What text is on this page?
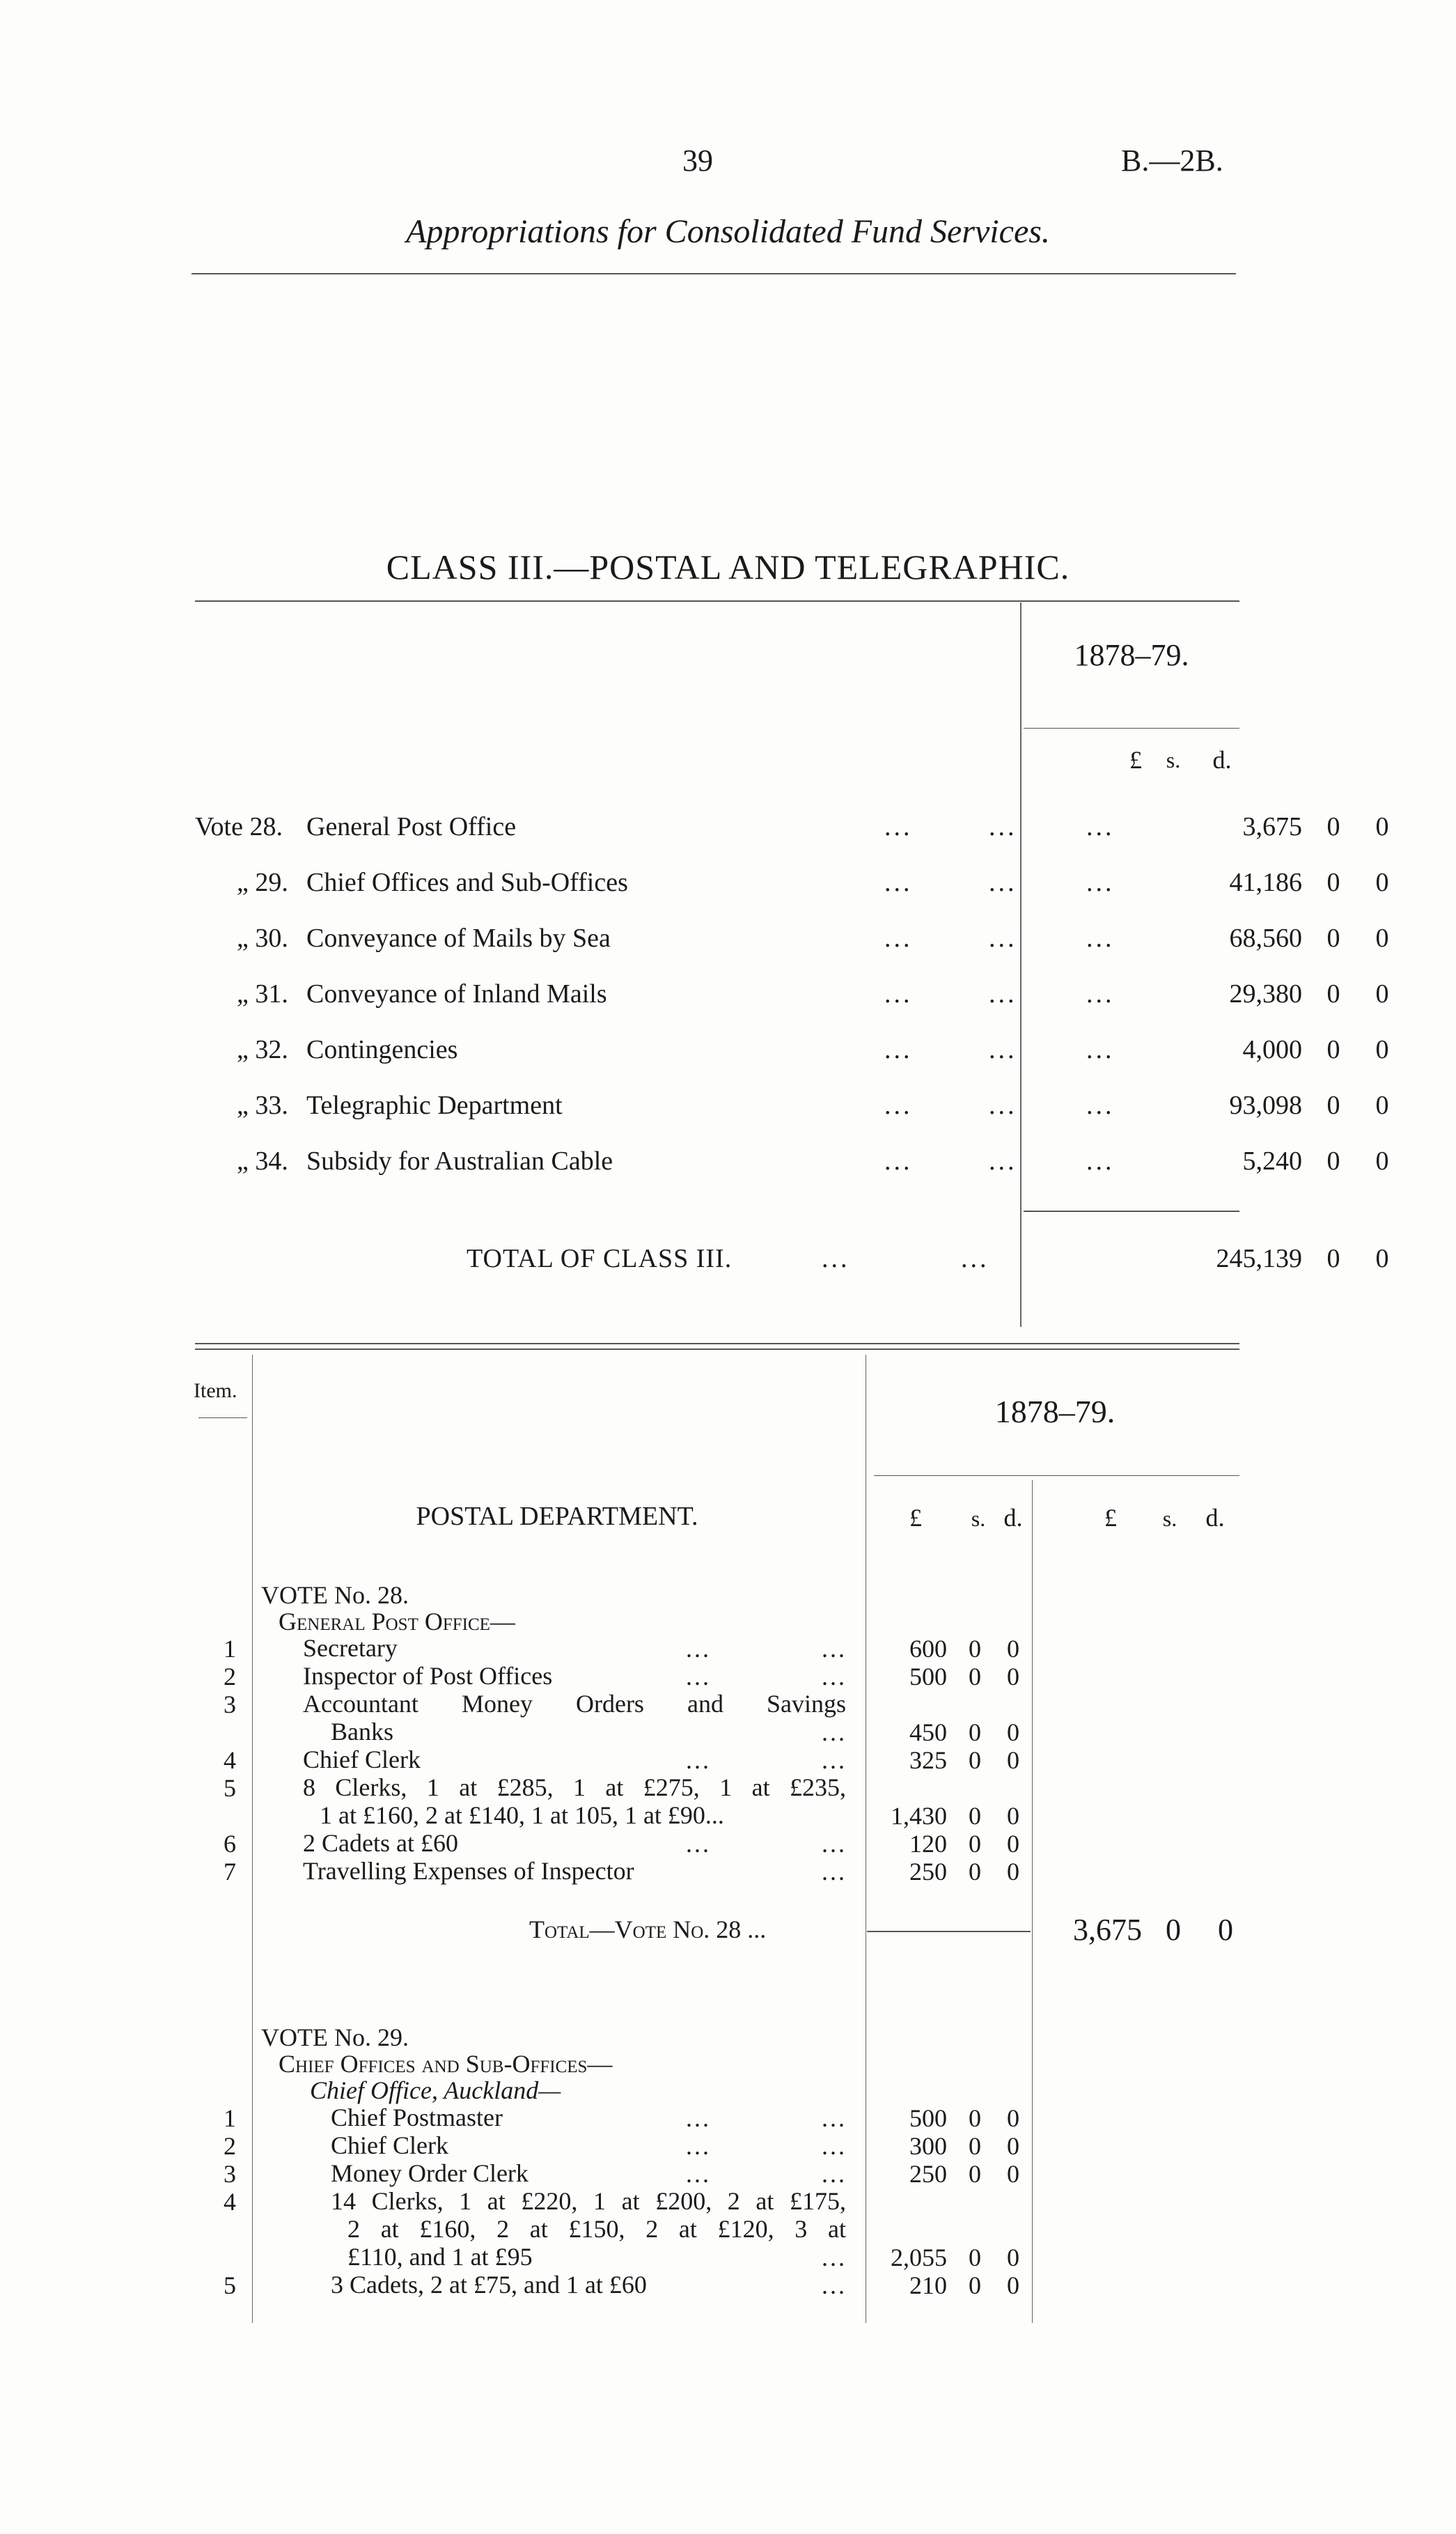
39	B.—2B.
Appropriations for Consolidated Fund Services.
CLASS III.—POSTAL AND TELEGRAPHIC.
1878–79.
£	s. d.
Vote 28. General Post Office	...	...	...	3,675 0 0
„ 29. Chief Offices and Sub-Offices	...	...	...	41,186 0 0
„ 30. Conveyance of Mails by Sea	...	...	...	68,560 0 0
„ 31. Conveyance of Inland Mails	...	...	...	29,380 0 0
„ 32. Contingencies	...	...	...	4,000 0 0
„ 33. Telegraphic Department	...	...	...	93,098 0 0
„ 34. Subsidy for Australian Cable	...	...	...	5,240 0 0
TOTAL OF CLASS III.	...	...	245,139 0 0
Item.
1878–79.
POSTAL DEPARTMENT.	£	s. d.	£	s. d.
VOTE No. 28.
General Post Office—
1	Secretary	...	...	600 0 0
2	Inspector of Post Offices	...	...	500 0 0
3	Accountant Money Orders and Savings
Banks	...	450 0 0
4	Chief Clerk	...	...	325 0 0
5	8 Clerks, 1 at £285, 1 at £275, 1 at £235,
1 at £160, 2 at £140, 1 at 105, 1 at £90...	1,430 0 0
6	2 Cadets at £60	...	...	120 0 0
7	Travelling Expenses of Inspector	...	250 0 0
Total—Vote No. 28 ...	3,675 0 0
VOTE No. 29.
Chief Offices and Sub-Offices—
Chief Office, Auckland—
1	Chief Postmaster	...	...	500 0 0
2	Chief Clerk	...	...	300 0 0
3	Money Order Clerk	...	...	250 0 0
4	14 Clerks, 1 at £220, 1 at £200, 2 at £175,
2 at £160, 2 at £150, 2 at £120, 3 at
£110, and 1 at £95	...	2,055 0 0
5	3 Cadets, 2 at £75, and 1 at £60	...	210 0 0
